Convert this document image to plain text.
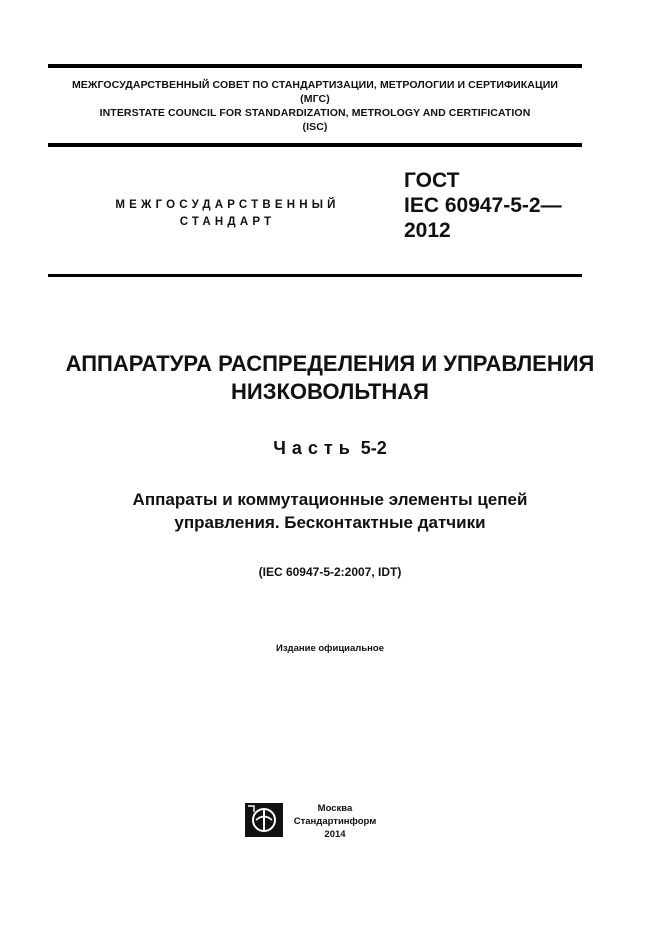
МЕЖГОСУДАРСТВЕННЫЙ СОВЕТ ПО СТАНДАРТИЗАЦИИ, МЕТРОЛОГИИ И СЕРТИФИКАЦИИ
(МГС)
INTERSTATE COUNCIL FOR STANDARDIZATION, METROLOGY AND CERTIFICATION
(ISC)
МЕЖГОСУДАРСТВЕННЫЙ
СТАНДАРТ
ГОСТ
IEC 60947-5-2—
2012
АППАРАТУРА РАСПРЕДЕЛЕНИЯ И УПРАВЛЕНИЯ
НИЗКОВОЛЬТНАЯ
Часть 5-2
Аппараты и коммутационные элементы цепей
управления. Бесконтактные датчики
(IEC 60947-5-2:2007, IDT)
Издание официальное
Москва
Стандартинформ
2014
